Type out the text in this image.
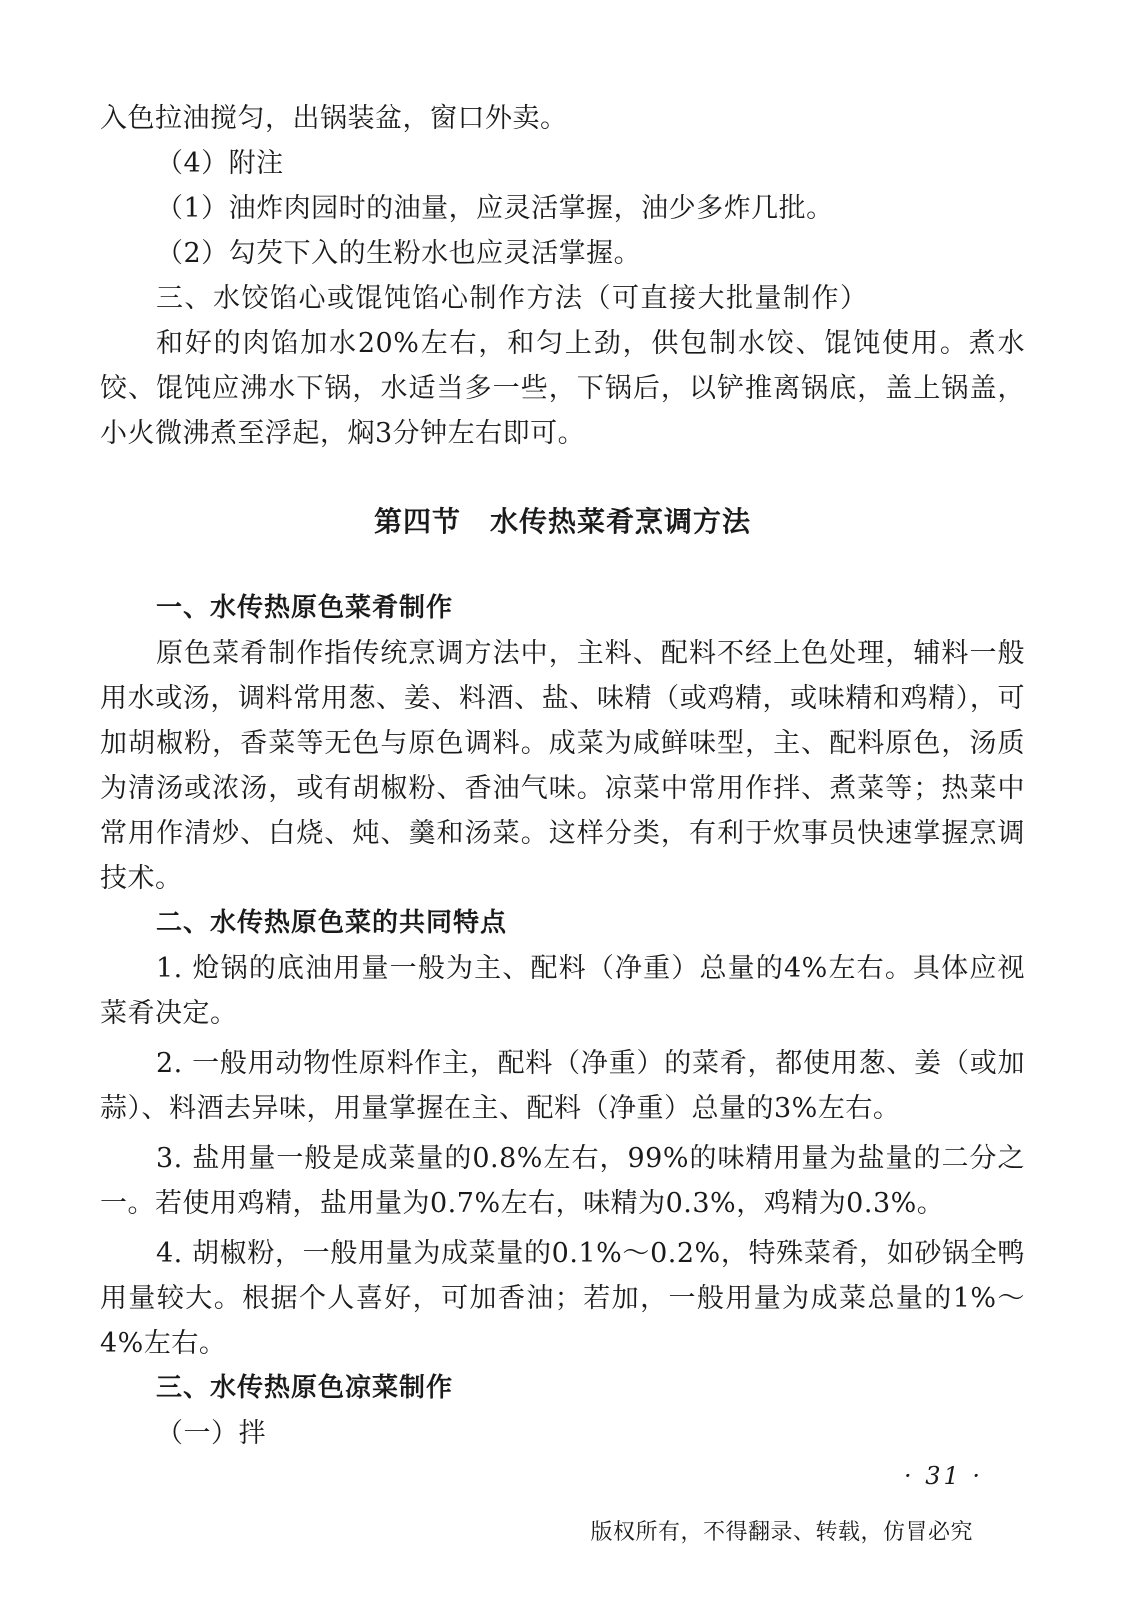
入色拉油搅匀，出锅装盆，窗口外卖。

（4）附注

（1）油炸肉园时的油量，应灵活掌握，油少多炸几批。

（2）勾芡下入的生粉水也应灵活掌握。

三、水饺馅心或馄饨馅心制作方法（可直接大批量制作）

和好的肉馅加水20%左右，和匀上劲，供包制水饺、馄饨使用。煮水饺、馄饨应沸水下锅，水适当多一些，下锅后，以铲推离锅底，盖上锅盖，小火微沸煮至浮起，焖3分钟左右即可。

第四节　水传热菜肴烹调方法

一、水传热原色菜肴制作

原色菜肴制作指传统烹调方法中，主料、配料不经上色处理，辅料一般用水或汤，调料常用葱、姜、料酒、盐、味精（或鸡精，或味精和鸡精），可加胡椒粉，香菜等无色与原色调料。成菜为咸鲜味型，主、配料原色，汤质为清汤或浓汤，或有胡椒粉、香油气味。凉菜中常用作拌、煮菜等；热菜中常用作清炒、白烧、炖、羹和汤菜。这样分类，有利于炊事员快速掌握烹调技术。

二、水传热原色菜的共同特点

1. 炝锅的底油用量一般为主、配料（净重）总量的4%左右。具体应视菜肴决定。

2. 一般用动物性原料作主，配料（净重）的菜肴，都使用葱、姜（或加蒜）、料酒去异味，用量掌握在主、配料（净重）总量的3%左右。

3. 盐用量一般是成菜量的0.8%左右，99%的味精用量为盐量的二分之一。若使用鸡精，盐用量为0.7%左右，味精为0.3%，鸡精为0.3%。

4. 胡椒粉，一般用量为成菜量的0.1%～0.2%，特殊菜肴，如砂锅全鸭用量较大。根据个人喜好，可加香油；若加，一般用量为成菜总量的1%～4%左右。

三、水传热原色凉菜制作

（一）拌

· 31 ·
版权所有，不得翻录、转载，仿冒必究
